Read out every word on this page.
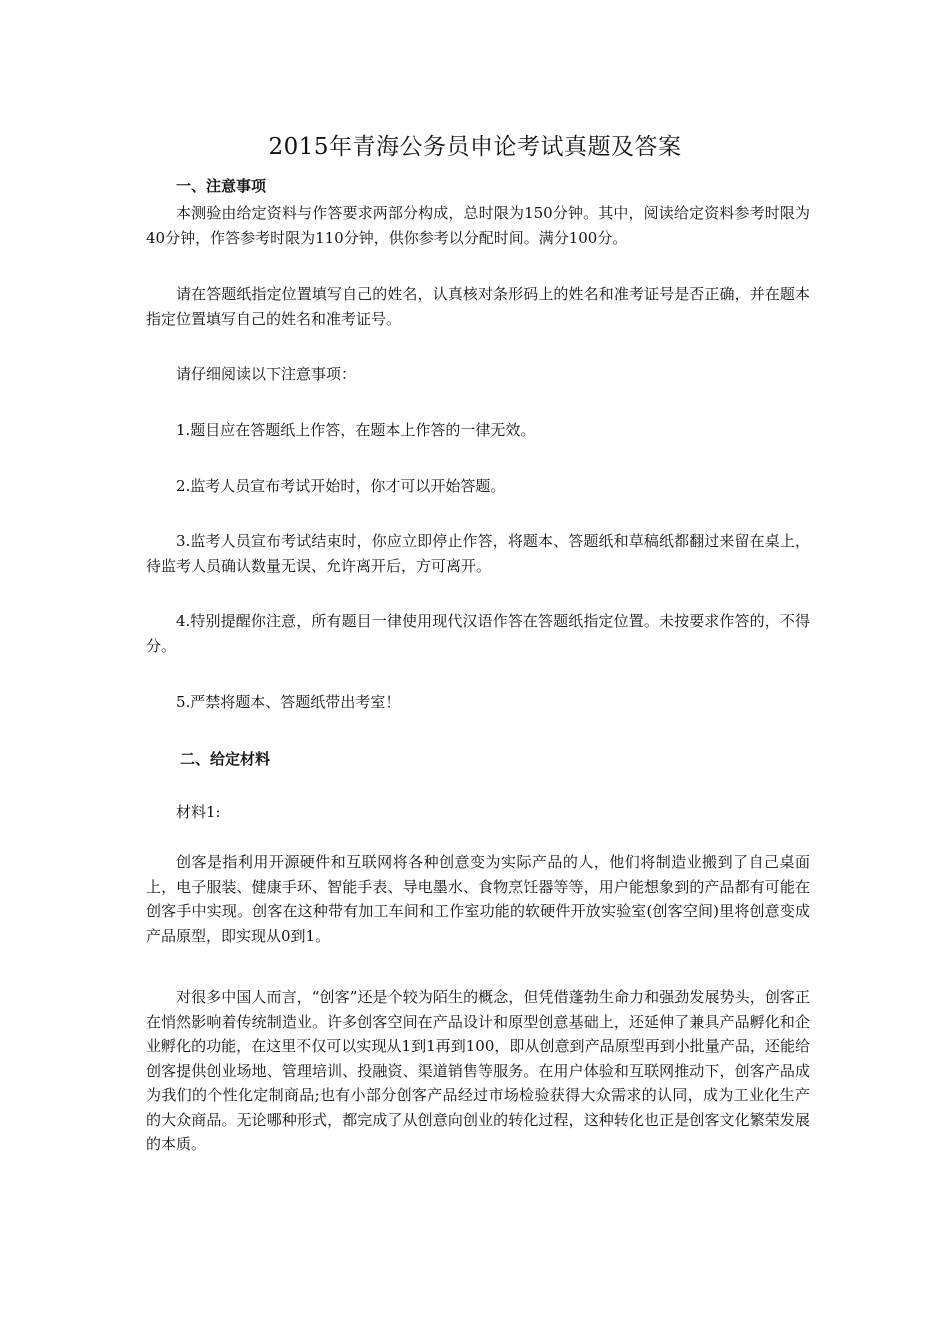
2015年青海公务员申论考试真题及答案
一、注意事项

本测验由给定资料与作答要求两部分构成，总时限为150分钟。其中，阅读给定资料参考时限为40分钟，作答参考时限为110分钟，供你参考以分配时间。满分100分。

请在答题纸指定位置填写自己的姓名，认真核对条形码上的姓名和准考证号是否正确，并在题本指定位置填写自己的姓名和准考证号。

请仔细阅读以下注意事项：

1.题目应在答题纸上作答，在题本上作答的一律无效。

2.监考人员宣布考试开始时，你才可以开始答题。

3.监考人员宣布考试结束时，你应立即停止作答，将题本、答题纸和草稿纸都翻过来留在桌上，待监考人员确认数量无误、允许离开后，方可离开。

4.特别提醒你注意，所有题目一律使用现代汉语作答在答题纸指定位置。未按要求作答的，不得分。

5.严禁将题本、答题纸带出考室！

二、给定材料

材料1:

创客是指利用开源硬件和互联网将各种创意变为实际产品的人，他们将制造业搬到了自己桌面上，电子服装、健康手环、智能手表、导电墨水、食物烹饪器等等，用户能想象到的产品都有可能在创客手中实现。创客在这种带有加工车间和工作室功能的软硬件开放实验室(创客空间)里将创意变成产品原型，即实现从0到1。

对很多中国人而言，“创客”还是个较为陌生的概念，但凭借蓬勃生命力和强劲发展势头，创客正在悄然影响着传统制造业。许多创客空间在产品设计和原型创意基础上，还延伸了兼具产品孵化和企业孵化的功能，在这里不仅可以实现从1到1再到100，即从创意到产品原型再到小批量产品，还能给创客提供创业场地、管理培训、投融资、渠道销售等服务。在用户体验和互联网推动下，创客产品成为我们的个性化定制商品;也有小部分创客产品经过市场检验获得大众需求的认同，成为工业化生产的大众商品。无论哪种形式，都完成了从创意向创业的转化过程，这种转化也正是创客文化繁荣发展的本质。
